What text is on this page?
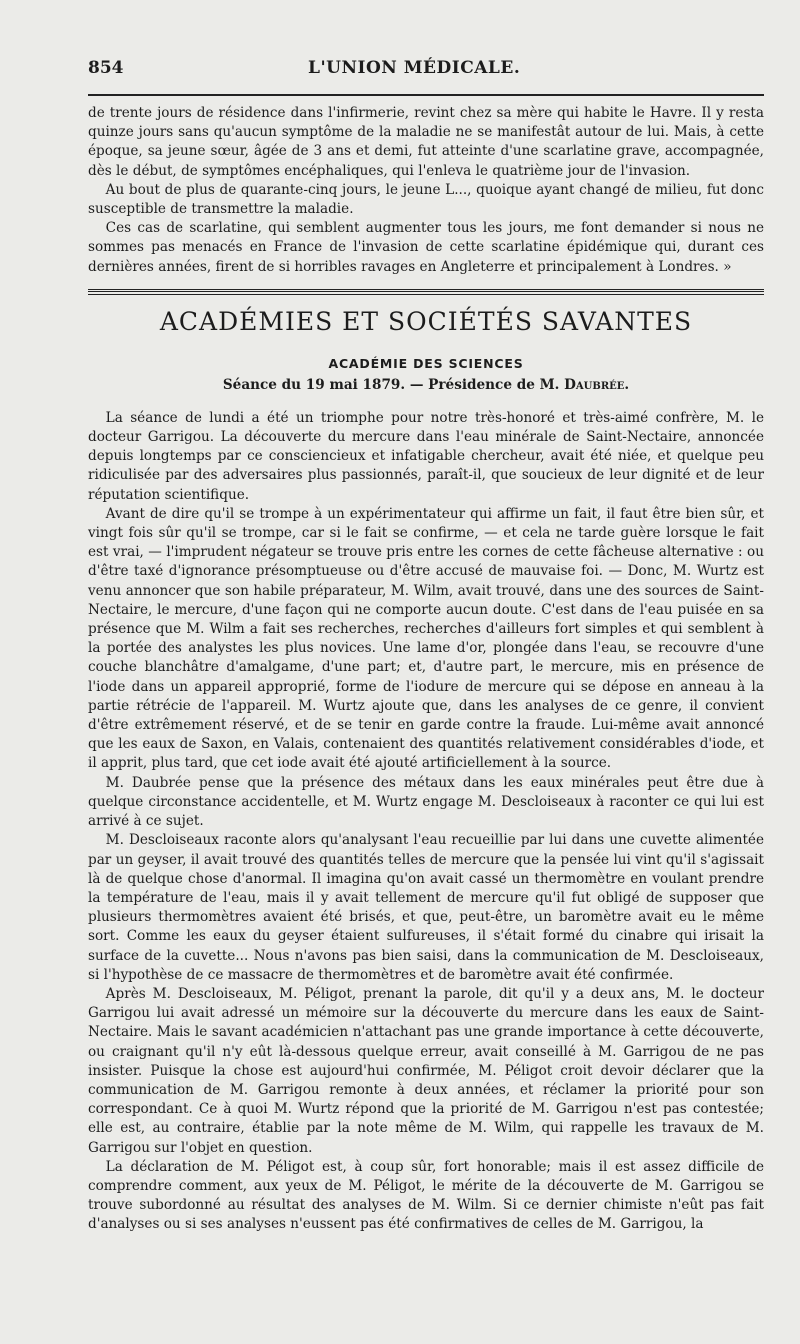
854	L'UNION MÉDICALE.

de trente jours de résidence dans l'infirmerie, revint chez sa mère qui habite le Havre. Il y resta quinze jours sans qu'aucun symptôme de la maladie ne se manifestât autour de lui. Mais, à cette époque, sa jeune sœur, âgée de 3 ans et demi, fut atteinte d'une scarlatine grave, accompagnée, dès le début, de symptômes encéphaliques, qui l'enleva le quatrième jour de l'invasion.

Au bout de plus de quarante-cinq jours, le jeune L..., quoique ayant changé de milieu, fut donc susceptible de transmettre la maladie.

Ces cas de scarlatine, qui semblent augmenter tous les jours, me font demander si nous ne sommes pas menacés en France de l'invasion de cette scarlatine épidémique qui, durant ces dernières années, firent de si horribles ravages en Angleterre et principalement à Londres. »

ACADÉMIES ET SOCIÉTÉS SAVANTES
ACADÉMIE DES SCIENCES
Séance du 19 mai 1879. — Présidence de M. Daubrée.

La séance de lundi a été un triomphe pour notre très-honoré et très-aimé confrère, M. le docteur Garrigou. La découverte du mercure dans l'eau minérale de Saint-Nectaire, annoncée depuis longtemps par ce consciencieux et infatigable chercheur, avait été niée, et quelque peu ridiculisée par des adversaires plus passionnés, paraît-il, que soucieux de leur dignité et de leur réputation scientifique.

Avant de dire qu'il se trompe à un expérimentateur qui affirme un fait, il faut être bien sûr, et vingt fois sûr qu'il se trompe, car si le fait se confirme, — et cela ne tarde guère lorsque le fait est vrai, — l'imprudent négateur se trouve pris entre les cornes de cette fâcheuse alternative : ou d'être taxé d'ignorance présomptueuse ou d'être accusé de mauvaise foi. — Donc, M. Wurtz est venu annoncer que son habile préparateur, M. Wilm, avait trouvé, dans une des sources de Saint-Nectaire, le mercure, d'une façon qui ne comporte aucun doute. C'est dans de l'eau puisée en sa présence que M. Wilm a fait ses recherches, recherches d'ailleurs fort simples et qui semblent à la portée des analystes les plus novices. Une lame d'or, plongée dans l'eau, se recouvre d'une couche blanchâtre d'amalgame, d'une part; et, d'autre part, le mercure, mis en présence de l'iode dans un appareil approprié, forme de l'iodure de mercure qui se dépose en anneau à la partie rétrécie de l'appareil. M. Wurtz ajoute que, dans les analyses de ce genre, il convient d'être extrêmement réservé, et de se tenir en garde contre la fraude. Lui-même avait annoncé que les eaux de Saxon, en Valais, contenaient des quantités relativement considérables d'iode, et il apprit, plus tard, que cet iode avait été ajouté artificiellement à la source.

M. Daubrée pense que la présence des métaux dans les eaux minérales peut être due à quelque circonstance accidentelle, et M. Wurtz engage M. Descloiseaux à raconter ce qui lui est arrivé à ce sujet.

M. Descloiseaux raconte alors qu'analysant l'eau recueillie par lui dans une cuvette alimentée par un geyser, il avait trouvé des quantités telles de mercure que la pensée lui vint qu'il s'agissait là de quelque chose d'anormal. Il imagina qu'on avait cassé un thermomètre en voulant prendre la température de l'eau, mais il y avait tellement de mercure qu'il fut obligé de supposer que plusieurs thermomètres avaient été brisés, et que, peut-être, un baromètre avait eu le même sort. Comme les eaux du geyser étaient sulfureuses, il s'était formé du cinabre qui irisait la surface de la cuvette... Nous n'avons pas bien saisi, dans la communication de M. Descloiseaux, si l'hypothèse de ce massacre de thermomètres et de baromètre avait été confirmée.

Après M. Descloiseaux, M. Péligot, prenant la parole, dit qu'il y a deux ans, M. le docteur Garrigou lui avait adressé un mémoire sur la découverte du mercure dans les eaux de Saint-Nectaire. Mais le savant académicien n'attachant pas une grande importance à cette découverte, ou craignant qu'il n'y eût là-dessous quelque erreur, avait conseillé à M. Garrigou de ne pas insister. Puisque la chose est aujourd'hui confirmée, M. Péligot croit devoir déclarer que la communication de M. Garrigou remonte à deux années, et réclamer la priorité pour son correspondant. Ce à quoi M. Wurtz répond que la priorité de M. Garrigou n'est pas contestée; elle est, au contraire, établie par la note même de M. Wilm, qui rappelle les travaux de M. Garrigou sur l'objet en question.

La déclaration de M. Péligot est, à coup sûr, fort honorable; mais il est assez difficile de comprendre comment, aux yeux de M. Péligot, le mérite de la découverte de M. Garrigou se trouve subordonné au résultat des analyses de M. Wilm. Si ce dernier chimiste n'eût pas fait d'analyses ou si ses analyses n'eussent pas été confirmatives de celles de M. Garrigou, la
